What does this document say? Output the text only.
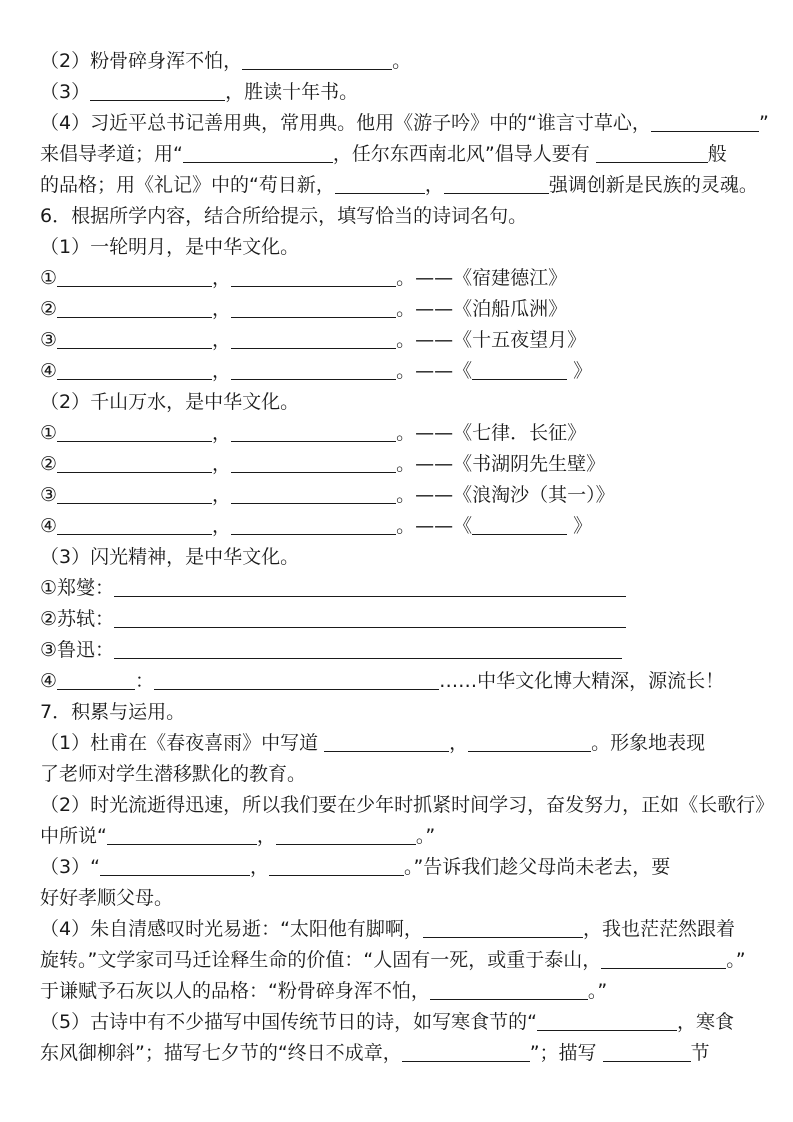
（2）粉骨碎身浑不怕，	。
（3）	，胜读十年书。
（4）习近平总书记善用典，常用典。他用《游子吟》中的“谁言寸草心，	”
来倡导孝道；用“	，任尔东西南北风”倡导人要有	般
的品格；用《礼记》中的“苟日新，	，	强调创新是民族的灵魂。
6．根据所学内容，结合所给提示，填写恰当的诗词名句。
（1）一轮明月，是中华文化。
①	，	。——《宿建德江》
②	，	。——《泊船瓜洲》
③	，	。——《十五夜望月》
④	，	。——《	》
（2）千山万水，是中华文化。
①	，	。——《七律．长征》
②	，	。——《书湖阴先生壁》
③	，	。——《浪淘沙（其一）》
④	，	。——《	》
（3）闪光精神，是中华文化。
①郑燮：
②苏轼：
③鲁迅：
④	：	……中华文化博大精深，源流长！
7．积累与运用。
（1）杜甫在《春夜喜雨》中写道	，	。形象地表现
了老师对学生潜移默化的教育。
（2）时光流逝得迅速，所以我们要在少年时抓紧时间学习，奋发努力，正如《长歌行》
中所说“	，	。”
（3）“	，	。”告诉我们趁父母尚未老去，要
好好孝顺父母。
（4）朱自清感叹时光易逝：“太阳他有脚啊，	，我也茫茫然跟着
旋转。”文学家司马迁诠释生命的价值：“人固有一死，或重于泰山，	。”
于谦赋予石灰以人的品格：“粉骨碎身浑不怕，	。”
（5）古诗中有不少描写中国传统节日的诗，如写寒食节的“	，寒食
东风御柳斜”；描写七夕节的“终日不成章，	”；描写	节
